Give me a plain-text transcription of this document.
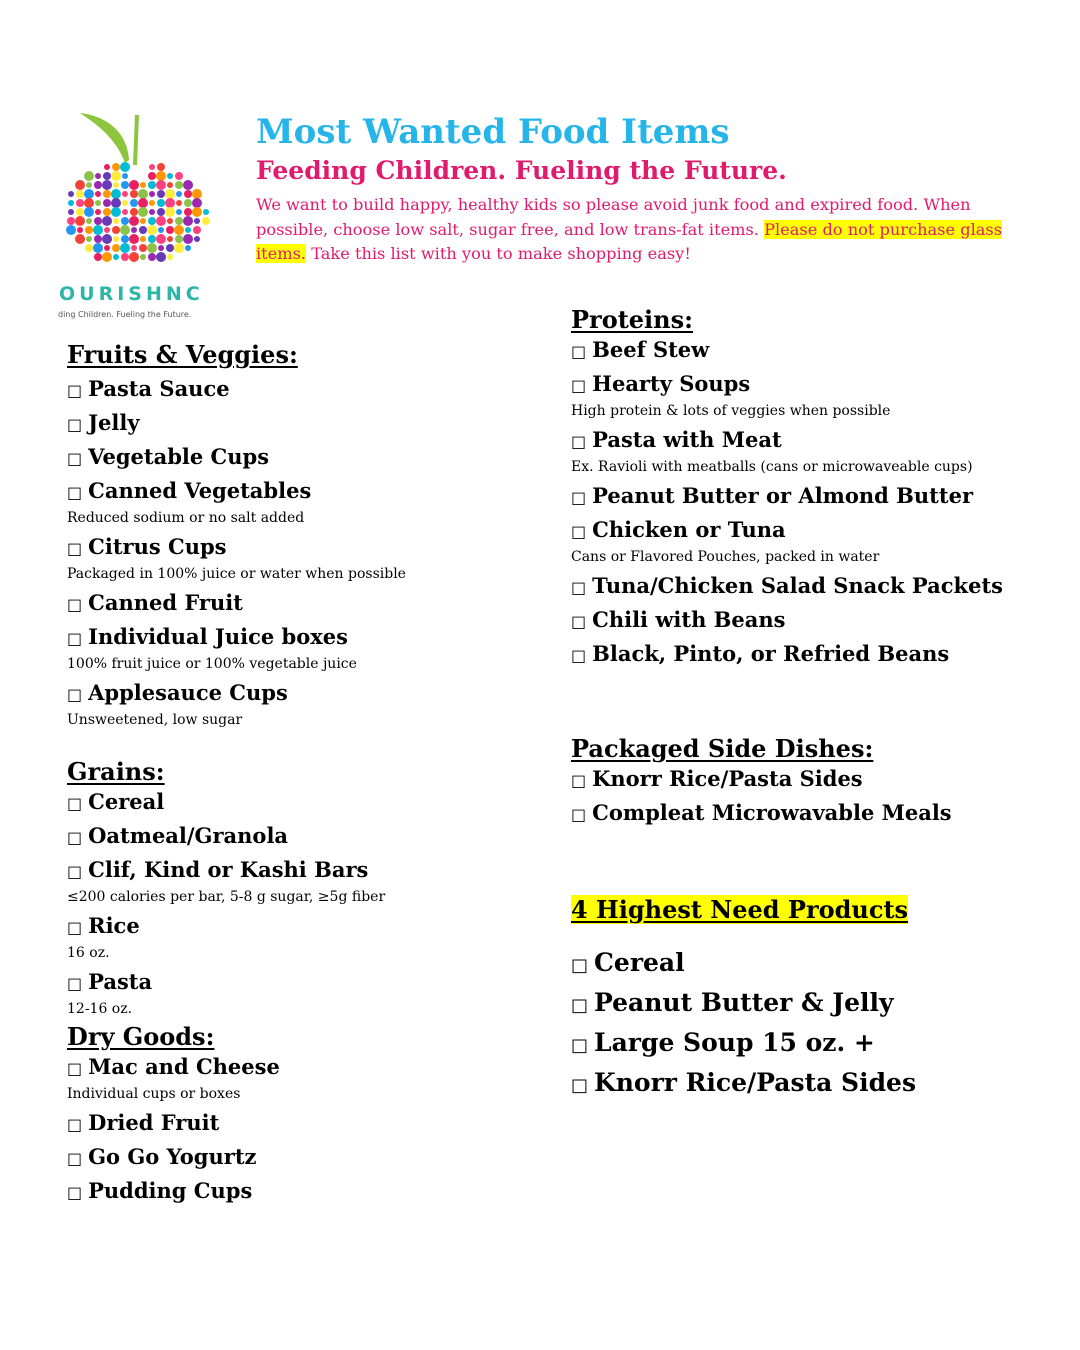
OURISHNC
ding Children. Fueling the Future.
Most Wanted Food Items
Feeding Children. Fueling the Future.
We want to build happy, healthy kids so please avoid junk food and expired food. When possible, choose low salt, sugar free, and low trans-fat items. Please do not purchase glass items. Take this list with you to make shopping easy!
Fruits & Veggies:
□ Pasta Sauce
□ Jelly
□ Vegetable Cups
□ Canned Vegetables
Reduced sodium or no salt added
□ Citrus Cups
Packaged in 100% juice or water when possible
□ Canned Fruit
□ Individual Juice boxes
100% fruit juice or 100% vegetable juice
□ Applesauce Cups
Unsweetened, low sugar
Grains:
□ Cereal
□ Oatmeal/Granola
□ Clif, Kind or Kashi Bars
≤200 calories per bar, 5-8 g sugar, ≥5g fiber
□ Rice
16 oz.
□ Pasta
12-16 oz.
Dry Goods:
□ Mac and Cheese
Individual cups or boxes
□ Dried Fruit
□ Go Go Yogurtz
□ Pudding Cups
Proteins:
□ Beef Stew
□ Hearty Soups
High protein & lots of veggies when possible
□ Pasta with Meat
Ex. Ravioli with meatballs (cans or microwaveable cups)
□ Peanut Butter or Almond Butter
□ Chicken or Tuna
Cans or Flavored Pouches, packed in water
□ Tuna/Chicken Salad Snack Packets
□ Chili with Beans
□ Black, Pinto, or Refried Beans
Packaged Side Dishes:
□ Knorr Rice/Pasta Sides
□ Compleat Microwavable Meals
4 Highest Need Products
□ Cereal
□ Peanut Butter & Jelly
□ Large Soup 15 oz. +
□ Knorr Rice/Pasta Sides
